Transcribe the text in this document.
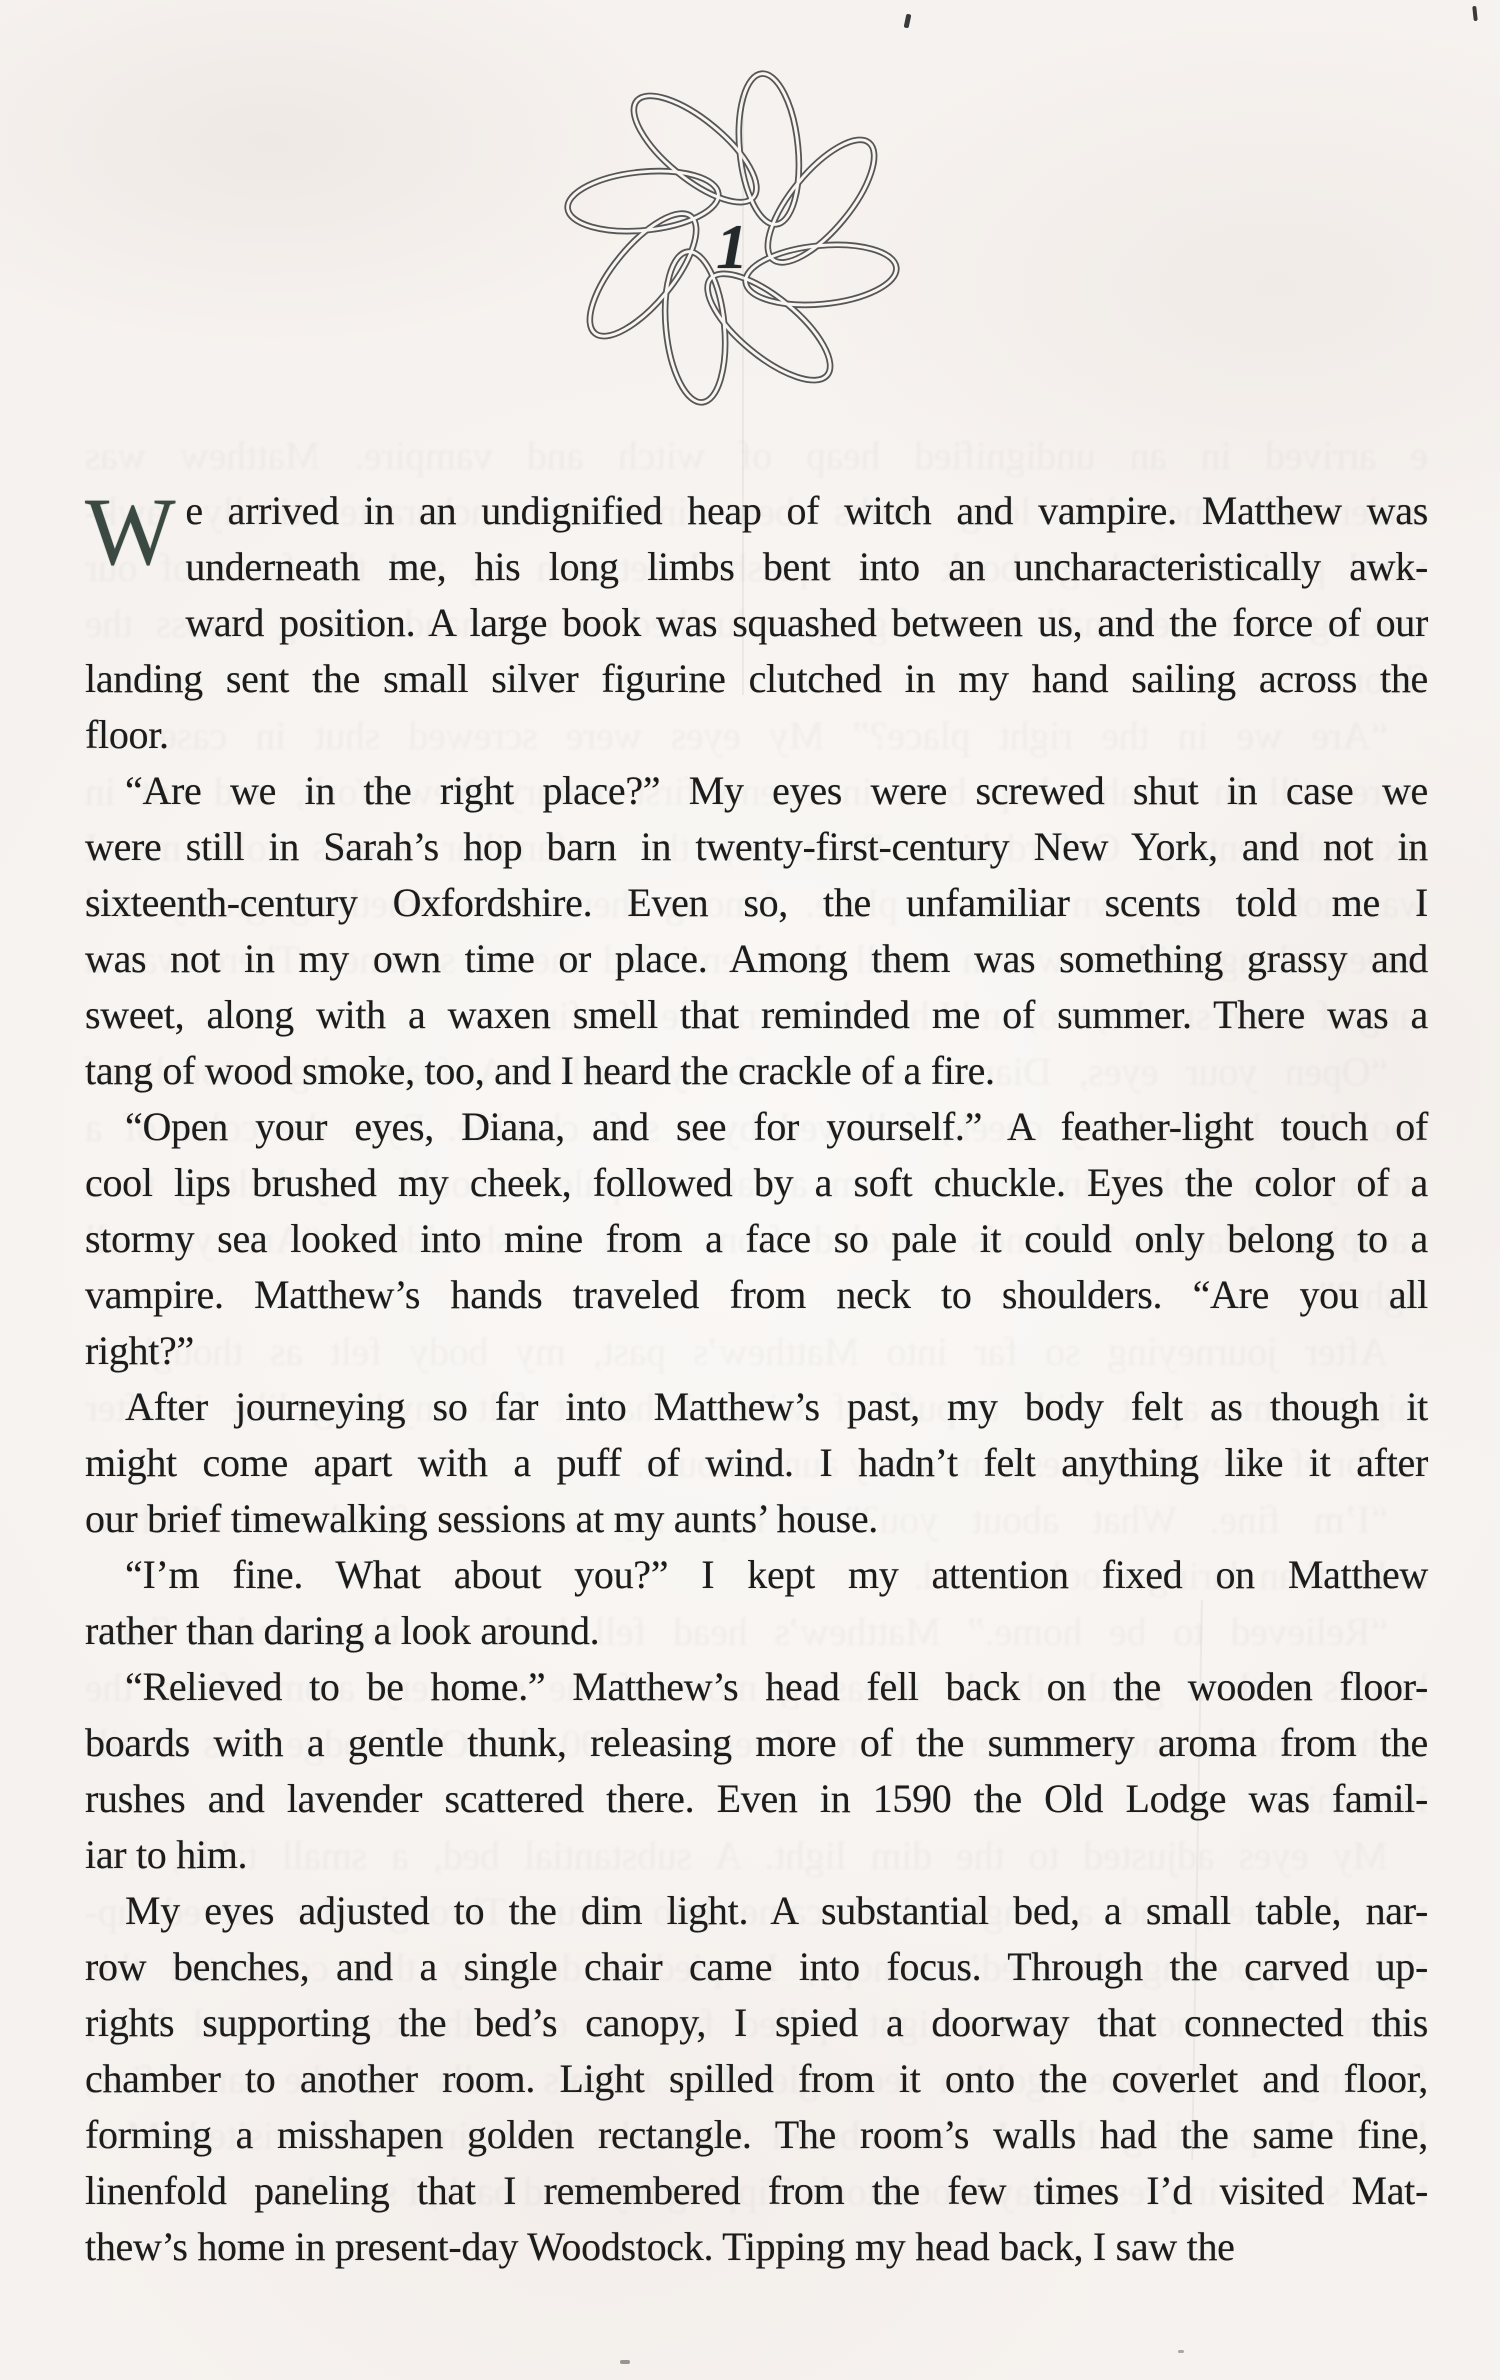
1
W e arrived in an undignified heap of witch and vampire. Matthew was
underneath me, his long limbs bent into an uncharacteristically awk-
ward position. A large book was squashed between us, and the force of our
landing sent the small silver figurine clutched in my hand sailing across the
floor.
“Are we in the right place?” My eyes were screwed shut in case we
were still in Sarah’s hop barn in twenty-first-century New York, and not in
sixteenth-century Oxfordshire. Even so, the unfamiliar scents told me I
was not in my own time or place. Among them was something grassy and
sweet, along with a waxen smell that reminded me of summer. There was a
tang of wood smoke, too, and I heard the crackle of a fire.
“Open your eyes, Diana, and see for yourself.” A feather-light touch of
cool lips brushed my cheek, followed by a soft chuckle. Eyes the color of a
stormy sea looked into mine from a face so pale it could only belong to a
vampire. Matthew’s hands traveled from neck to shoulders. “Are you all
right?”
After journeying so far into Matthew’s past, my body felt as though it
might come apart with a puff of wind. I hadn’t felt anything like it after
our brief timewalking sessions at my aunts’ house.
“I’m fine. What about you?” I kept my attention fixed on Matthew
rather than daring a look around.
“Relieved to be home.” Matthew’s head fell back on the wooden floor-
boards with a gentle thunk, releasing more of the summery aroma from the
rushes and lavender scattered there. Even in 1590 the Old Lodge was famil-
iar to him.
My eyes adjusted to the dim light. A substantial bed, a small table, nar-
row benches, and a single chair came into focus. Through the carved up-
rights supporting the bed’s canopy, I spied a doorway that connected this
chamber to another room. Light spilled from it onto the coverlet and floor,
forming a misshapen golden rectangle. The room’s walls had the same fine,
linenfold paneling that I remembered from the few times I’d visited Mat-
thew’s home in present-day Woodstock. Tipping my head back, I saw the
